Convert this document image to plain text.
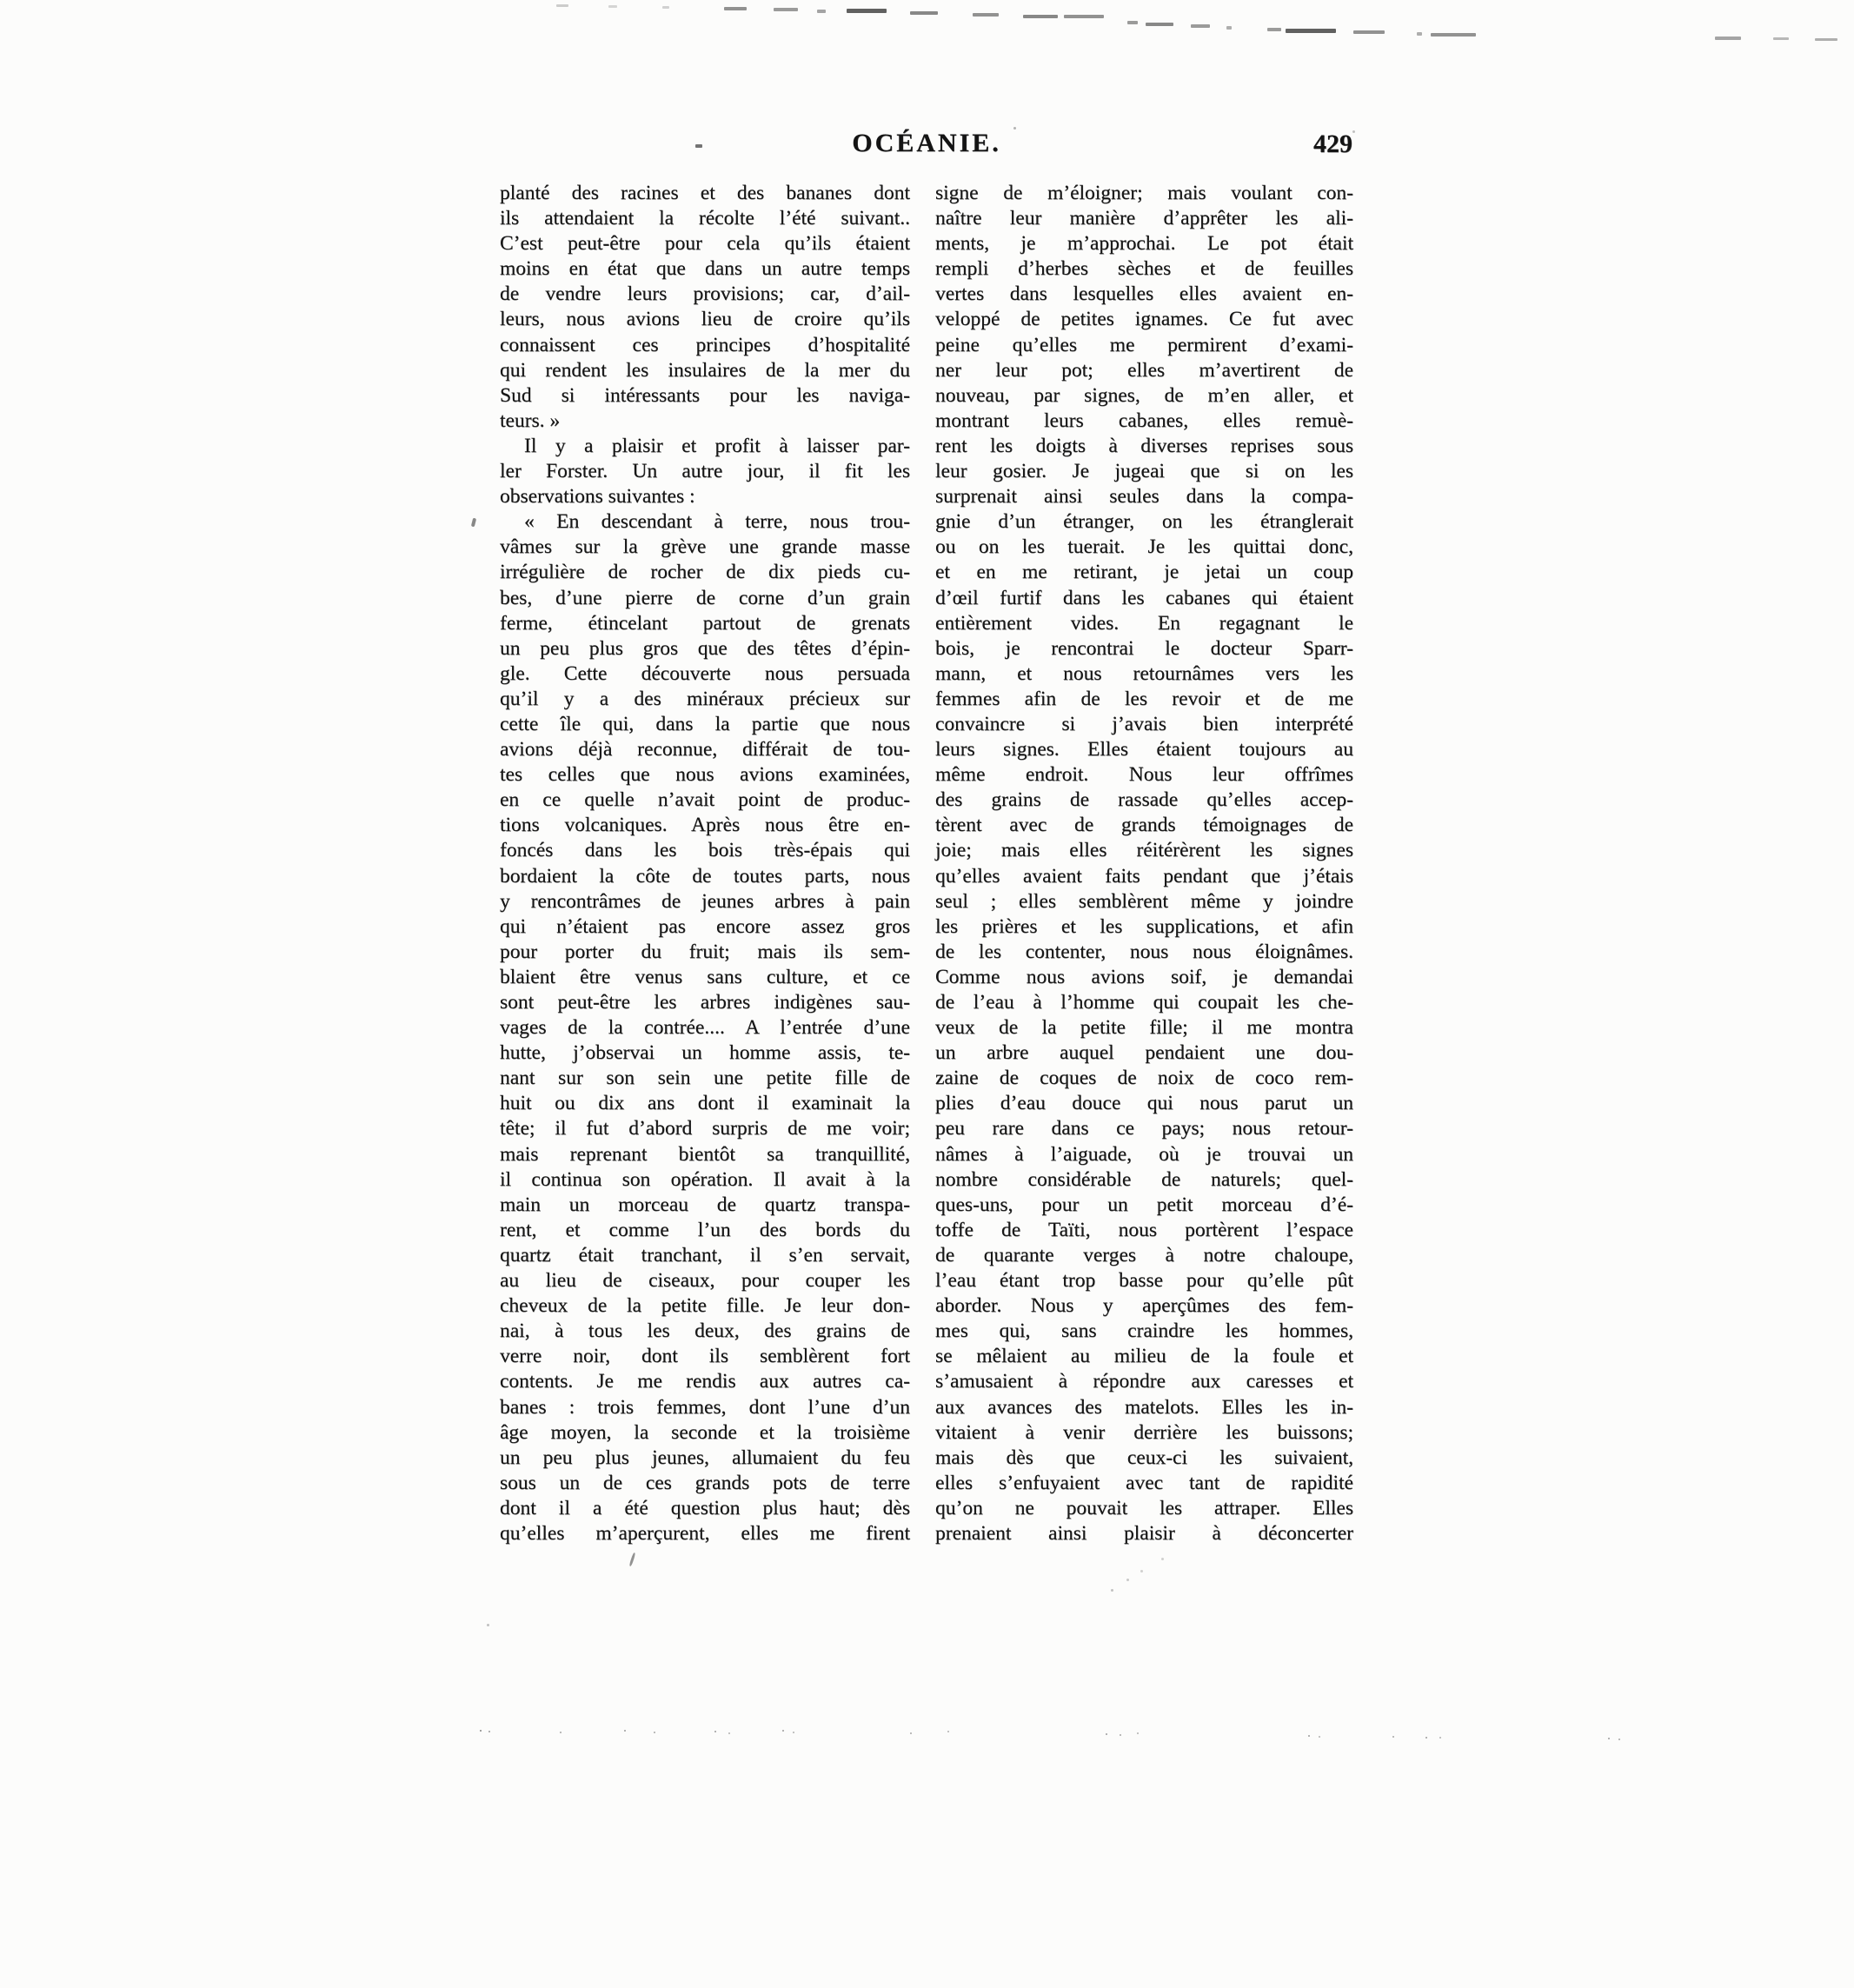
OCÉANIE.	429
planté des racines et des bananes dont
ils attendaient la récolte l’été suivant..
C’est peut-être pour cela qu’ils étaient
moins en état que dans un autre temps
de vendre leurs provisions; car, d’ail-
leurs, nous avions lieu de croire qu’ils
connaissent ces principes d’hospitalité
qui rendent les insulaires de la mer du
Sud si intéressants pour les naviga-
teurs. »
Il y a plaisir et profit à laisser par-
ler Forster. Un autre jour, il fit les
observations suivantes :
« En descendant à terre, nous trou-
vâmes sur la grève une grande masse
irrégulière de rocher de dix pieds cu-
bes, d’une pierre de corne d’un grain
ferme, étincelant partout de grenats
un peu plus gros que des têtes d’épin-
gle. Cette découverte nous persuada
qu’il y a des minéraux précieux sur
cette île qui, dans la partie que nous
avions déjà reconnue, différait de tou-
tes celles que nous avions examinées,
en ce quelle n’avait point de produc-
tions volcaniques. Après nous être en-
foncés dans les bois très-épais qui
bordaient la côte de toutes parts, nous
y rencontrâmes de jeunes arbres à pain
qui n’étaient pas encore assez gros
pour porter du fruit; mais ils sem-
blaient être venus sans culture, et ce
sont peut-être les arbres indigènes sau-
vages de la contrée.... A l’entrée d’une
hutte, j’observai un homme assis, te-
nant sur son sein une petite fille de
huit ou dix ans dont il examinait la
tête; il fut d’abord surpris de me voir;
mais reprenant bientôt sa tranquillité,
il continua son opération. Il avait à la
main un morceau de quartz transpa-
rent, et comme l’un des bords du
quartz était tranchant, il s’en servait,
au lieu de ciseaux, pour couper les
cheveux de la petite fille. Je leur don-
nai, à tous les deux, des grains de
verre noir, dont ils semblèrent fort
contents. Je me rendis aux autres ca-
banes : trois femmes, dont l’une d’un
âge moyen, la seconde et la troisième
un peu plus jeunes, allumaient du feu
sous un de ces grands pots de terre
dont il a été question plus haut; dès
qu’elles m’aperçurent, elles me firent
signe de m’éloigner; mais voulant con-
naître leur manière d’apprêter les ali-
ments, je m’approchai. Le pot était
rempli d’herbes sèches et de feuilles
vertes dans lesquelles elles avaient en-
veloppé de petites ignames. Ce fut avec
peine qu’elles me permirent d’exami-
ner leur pot; elles m’avertirent de
nouveau, par signes, de m’en aller, et
montrant leurs cabanes, elles remuè-
rent les doigts à diverses reprises sous
leur gosier. Je jugeai que si on les
surprenait ainsi seules dans la compa-
gnie d’un étranger, on les étranglerait
ou on les tuerait. Je les quittai donc,
et en me retirant, je jetai un coup
d’œil furtif dans les cabanes qui étaient
entièrement vides. En regagnant le
bois, je rencontrai le docteur Sparr-
mann, et nous retournâmes vers les
femmes afin de les revoir et de me
convaincre si j’avais bien interprété
leurs signes. Elles étaient toujours au
même endroit. Nous leur offrîmes
des grains de rassade qu’elles accep-
tèrent avec de grands témoignages de
joie; mais elles réitérèrent les signes
qu’elles avaient faits pendant que j’étais
seul ; elles semblèrent même y joindre
les prières et les supplications, et afin
de les contenter, nous nous éloignâmes.
Comme nous avions soif, je demandai
de l’eau à l’homme qui coupait les che-
veux de la petite fille; il me montra
un arbre auquel pendaient une dou-
zaine de coques de noix de coco rem-
plies d’eau douce qui nous parut un
peu rare dans ce pays; nous retour-
nâmes à l’aiguade, où je trouvai un
nombre considérable de naturels; quel-
ques-uns, pour un petit morceau d’é-
toffe de Taïti, nous portèrent l’espace
de quarante verges à notre chaloupe,
l’eau étant trop basse pour qu’elle pût
aborder. Nous y aperçûmes des fem-
mes qui, sans craindre les hommes,
se mêlaient au milieu de la foule et
s’amusaient à répondre aux caresses et
aux avances des matelots. Elles les in-
vitaient à venir derrière les buissons;
mais dès que ceux-ci les suivaient,
elles s’enfuyaient avec tant de rapidité
qu’on ne pouvait les attraper. Elles
prenaient ainsi plaisir à déconcerter
